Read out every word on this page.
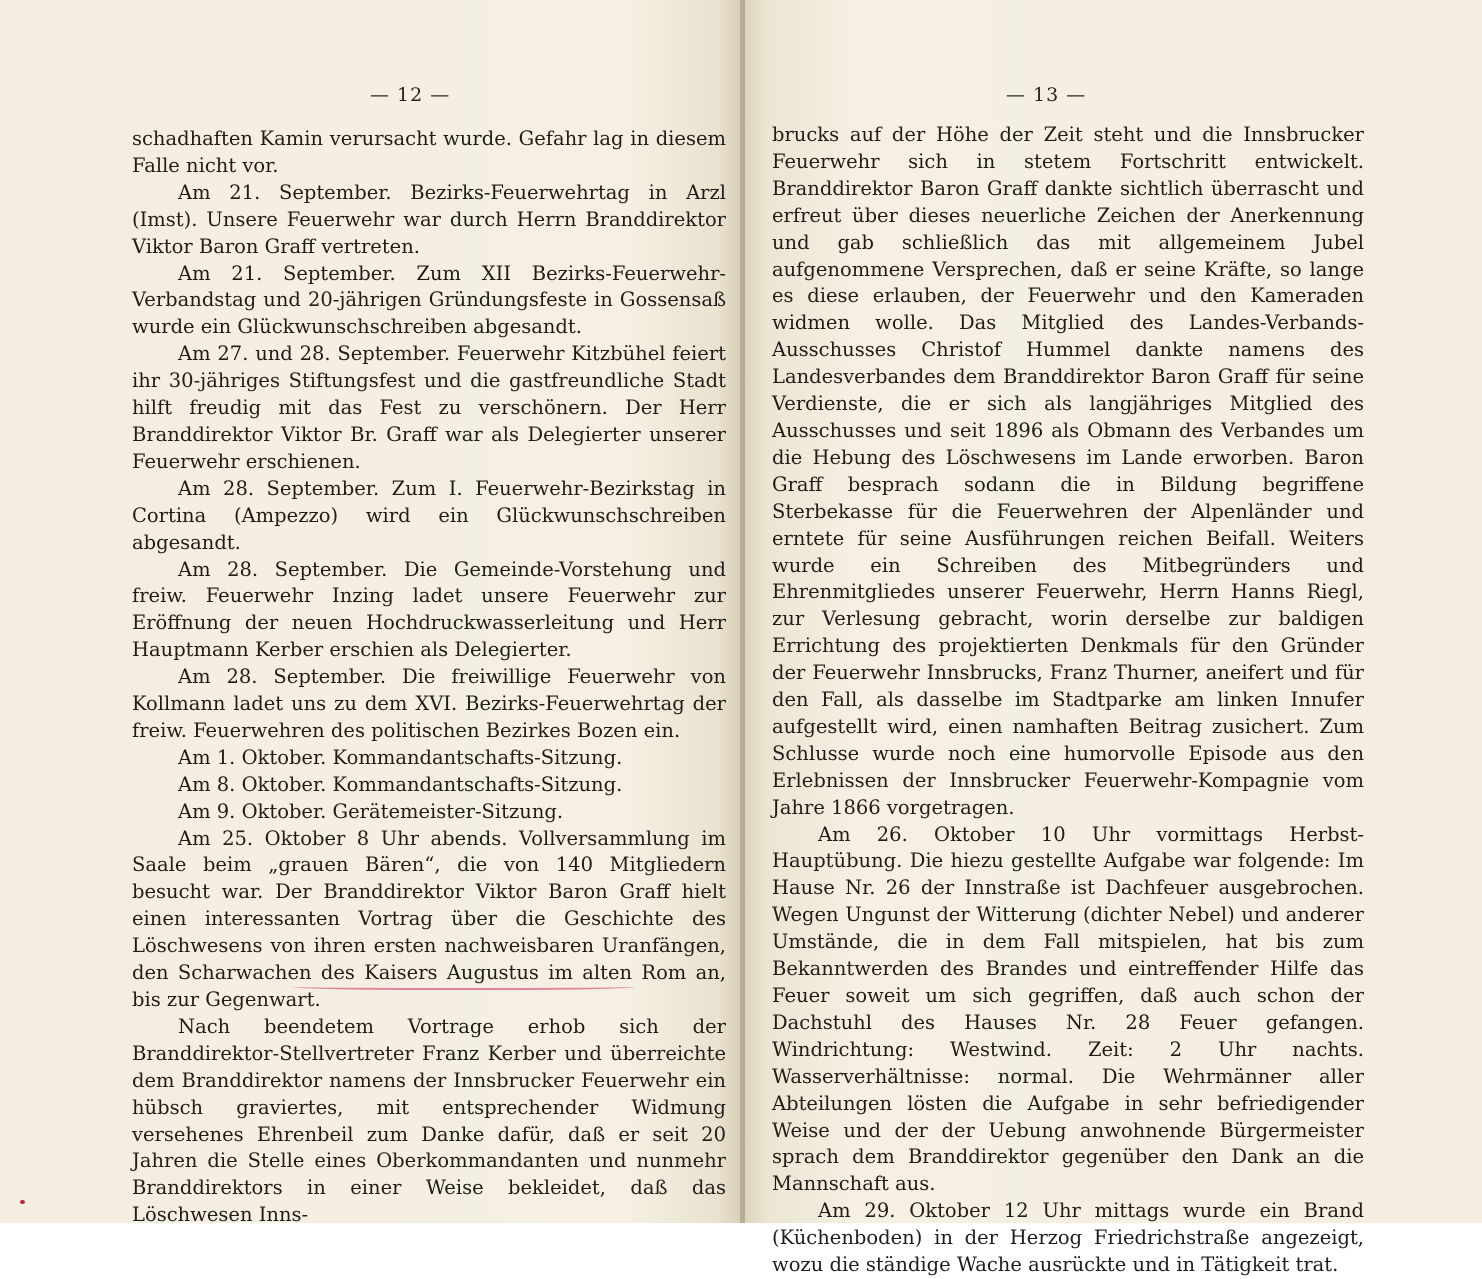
— 12 —

schadhaften Kamin verursacht wurde. Gefahr lag in diesem Falle nicht vor.

Am 21. September. Bezirks-Feuerwehrtag in Arzl (Imst). Unsere Feuerwehr war durch Herrn Branddirektor Viktor Baron Graff vertreten.

Am 21. September. Zum XII Bezirks-Feuerwehr-Verbandstag und 20-jährigen Gründungsfeste in Gossensaß wurde ein Glückwunschschreiben abgesandt.

Am 27. und 28. September. Feuerwehr Kitzbühel feiert ihr 30-jähriges Stiftungsfest und die gastfreundliche Stadt hilft freudig mit das Fest zu verschönern. Der Herr Branddirektor Viktor Br. Graff war als Delegierter unserer Feuerwehr erschienen.

Am 28. September. Zum I. Feuerwehr-Bezirkstag in Cortina (Ampezzo) wird ein Glückwunschschreiben abgesandt.

Am 28. September. Die Gemeinde-Vorstehung und freiw. Feuerwehr Inzing ladet unsere Feuerwehr zur Eröffnung der neuen Hochdruckwasserleitung und Herr Hauptmann Kerber erschien als Delegierter.

Am 28. September. Die freiwillige Feuerwehr von Kollmann ladet uns zu dem XVI. Bezirks-Feuerwehrtag der freiw. Feuerwehren des politischen Bezirkes Bozen ein.

Am 1. Oktober. Kommandantschafts-Sitzung.

Am 8. Oktober. Kommandantschafts-Sitzung.

Am 9. Oktober. Gerätemeister-Sitzung.

Am 25. Oktober 8 Uhr abends. Vollversammlung im Saale beim „grauen Bären“, die von 140 Mitgliedern besucht war. Der Branddirektor Viktor Baron Graff hielt einen interessanten Vortrag über die Geschichte des Löschwesens von ihren ersten nachweisbaren Uranfängen, den Scharwachen des Kaisers Augustus im alten Rom an, bis zur Gegenwart.

Nach beendetem Vortrage erhob sich der Branddirektor-Stellvertreter Franz Kerber und überreichte dem Branddirektor namens der Innsbrucker Feuerwehr ein hübsch graviertes, mit entsprechender Widmung versehenes Ehrenbeil zum Danke dafür, daß er seit 20 Jahren die Stelle eines Oberkommandanten und nunmehr Branddirektors in einer Weise bekleidet, daß das Löschwesen Inns-

— 13 —

brucks auf der Höhe der Zeit steht und die Innsbrucker Feuerwehr sich in stetem Fortschritt entwickelt. Branddirektor Baron Graff dankte sichtlich überrascht und erfreut über dieses neuerliche Zeichen der Anerkennung und gab schließlich das mit allgemeinem Jubel aufgenommene Versprechen, daß er seine Kräfte, so lange es diese erlauben, der Feuerwehr und den Kameraden widmen wolle. Das Mitglied des Landes-Verbands-Ausschusses Christof Hummel dankte namens des Landesverbandes dem Branddirektor Baron Graff für seine Verdienste, die er sich als langjähriges Mitglied des Ausschusses und seit 1896 als Obmann des Verbandes um die Hebung des Löschwesens im Lande erworben. Baron Graff besprach sodann die in Bildung begriffene Sterbekasse für die Feuerwehren der Alpenländer und erntete für seine Ausführungen reichen Beifall. Weiters wurde ein Schreiben des Mitbegründers und Ehrenmitgliedes unserer Feuerwehr, Herrn Hanns Riegl, zur Verlesung gebracht, worin derselbe zur baldigen Errichtung des projektierten Denkmals für den Gründer der Feuerwehr Innsbrucks, Franz Thurner, aneifert und für den Fall, als dasselbe im Stadtparke am linken Innufer aufgestellt wird, einen namhaften Beitrag zusichert. Zum Schlusse wurde noch eine humorvolle Episode aus den Erlebnissen der Innsbrucker Feuerwehr-Kompagnie vom Jahre 1866 vorgetragen.

Am 26. Oktober 10 Uhr vormittags Herbst-Hauptübung. Die hiezu gestellte Aufgabe war folgende: Im Hause Nr. 26 der Innstraße ist Dachfeuer ausgebrochen. Wegen Ungunst der Witterung (dichter Nebel) und anderer Umstände, die in dem Fall mitspielen, hat bis zum Bekanntwerden des Brandes und eintreffender Hilfe das Feuer soweit um sich gegriffen, daß auch schon der Dachstuhl des Hauses Nr. 28 Feuer gefangen. Windrichtung: Westwind. Zeit: 2 Uhr nachts. Wasserverhältnisse: normal. Die Wehrmänner aller Abteilungen lösten die Aufgabe in sehr befriedigender Weise und der der Uebung anwohnende Bürgermeister sprach dem Branddirektor gegenüber den Dank an die Mannschaft aus.

Am 29. Oktober 12 Uhr mittags wurde ein Brand (Küchenboden) in der Herzog Friedrichstraße angezeigt, wozu die ständige Wache ausrückte und in Tätigkeit trat.
